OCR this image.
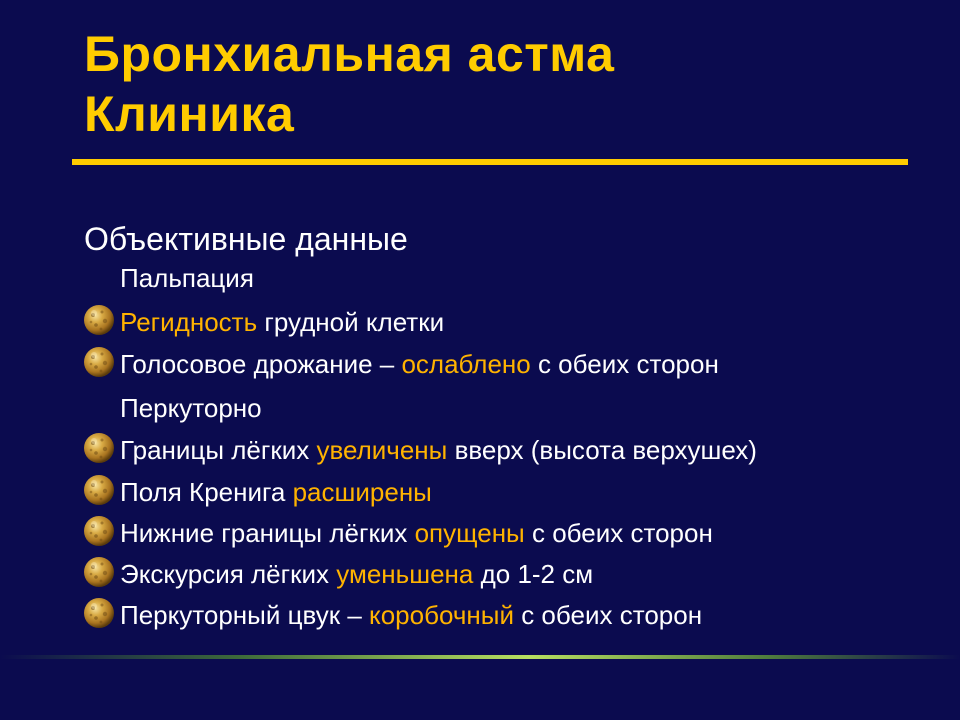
Бронхиальная астма
Клиника
Объективные данные
Пальпация
Регидность грудной клетки
Голосовое дрожание – ослаблено с обеих сторон
Перкуторно
Границы лёгких увеличены вверх (высота верхушех)
Поля Кренига расширены
Нижние границы лёгких опущены с обеих сторон
Экскурсия лёгких уменьшена до 1-2 см
Перкуторный цвук – коробочный с обеих сторон
